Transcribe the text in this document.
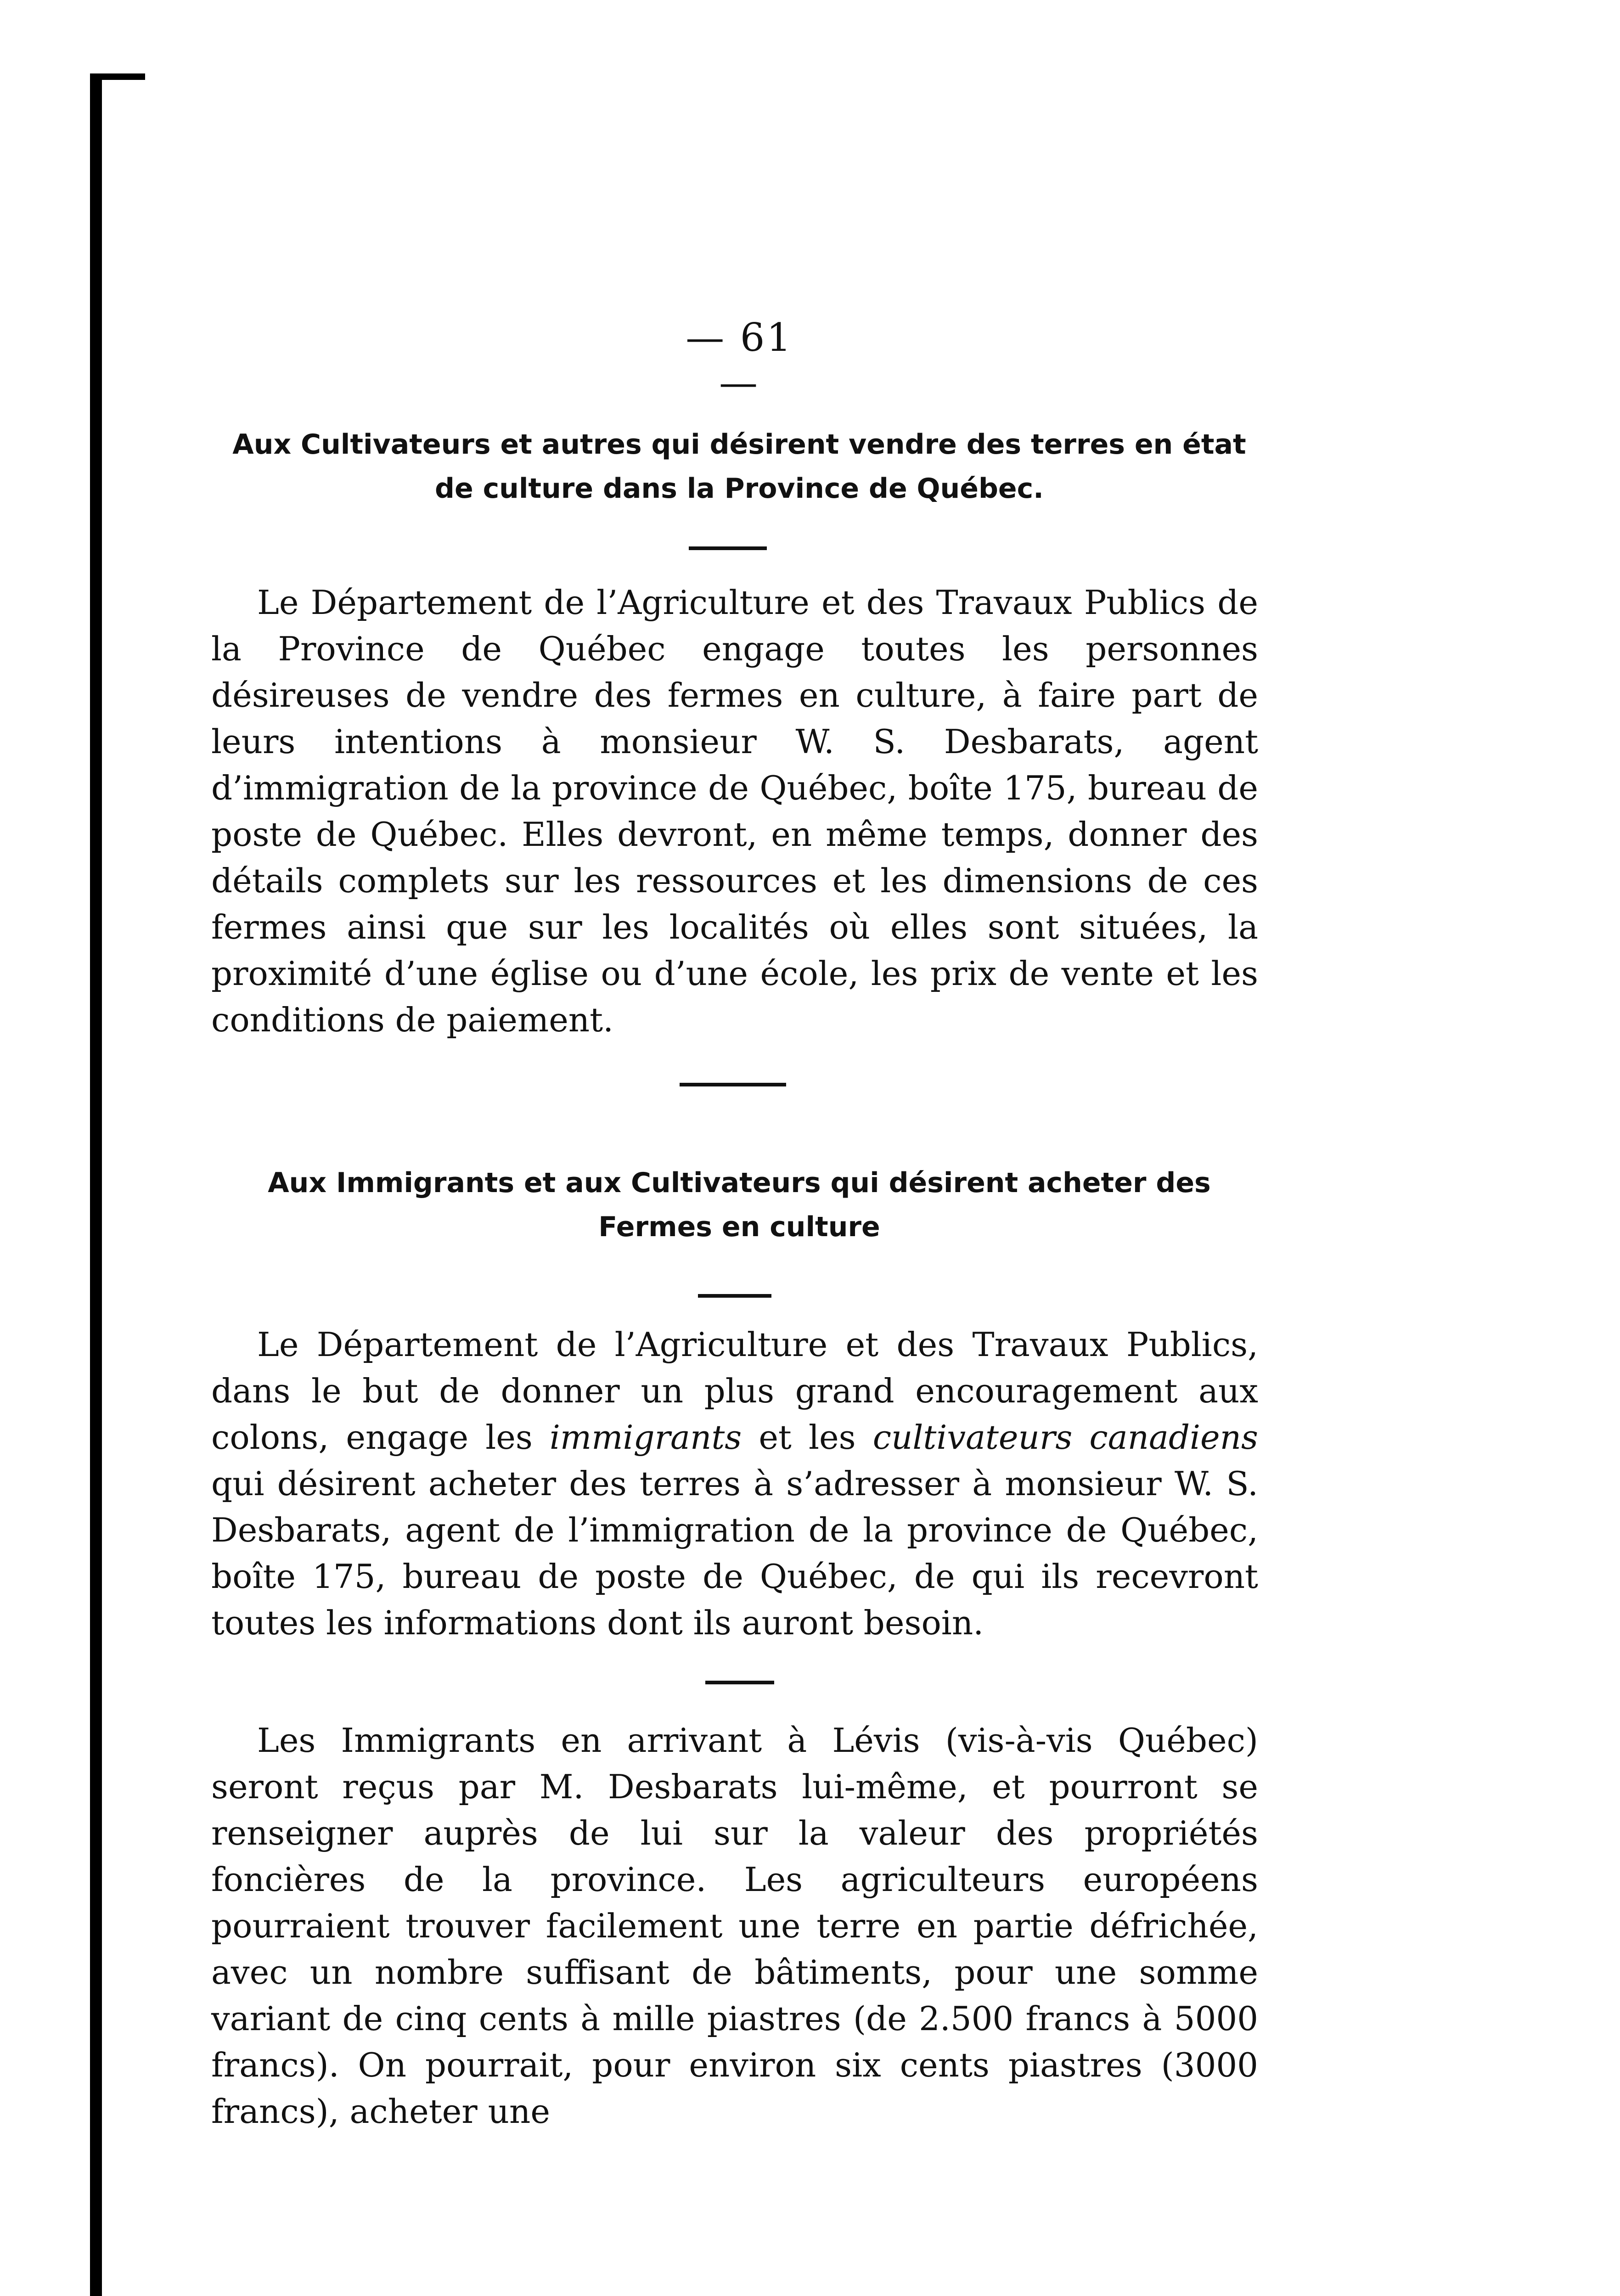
— 61 —
Aux Cultivateurs et autres qui désirent vendre des terres en état de culture dans la Province de Québec.

Le Département de l’Agriculture et des Travaux Publics de la Province de Québec engage toutes les personnes désireuses de vendre des fermes en culture, à faire part de leurs intentions à monsieur W. S. Desbarats, agent d’immigration de la province de Québec, boîte 175, bureau de poste de Québec. Elles devront, en même temps, donner des détails complets sur les ressources et les dimensions de ces fermes ainsi que sur les localités où elles sont situées, la proximité d’une église ou d’une école, les prix de vente et les conditions de paiement.

Aux Immigrants et aux Cultivateurs qui désirent acheter des Fermes en culture

Le Département de l’Agriculture et des Travaux Publics, dans le but de donner un plus grand encouragement aux colons, engage les immigrants et les cultivateurs canadiens qui désirent acheter des terres à s’adresser à monsieur W. S. Desbarats, agent de l’immigration de la province de Québec, boîte 175, bureau de poste de Québec, de qui ils recevront toutes les informations dont ils auront besoin.

Les Immigrants en arrivant à Lévis (vis-à-vis Québec) seront reçus par M. Desbarats lui-même, et pourront se renseigner auprès de lui sur la valeur des propriétés foncières de la province. Les agriculteurs européens pourraient trouver facilement une terre en partie défrichée, avec un nombre suffisant de bâtiments, pour une somme variant de cinq cents à mille piastres (de 2.500 francs à 5000 francs). On pourrait, pour environ six cents piastres (3000 francs), acheter une
